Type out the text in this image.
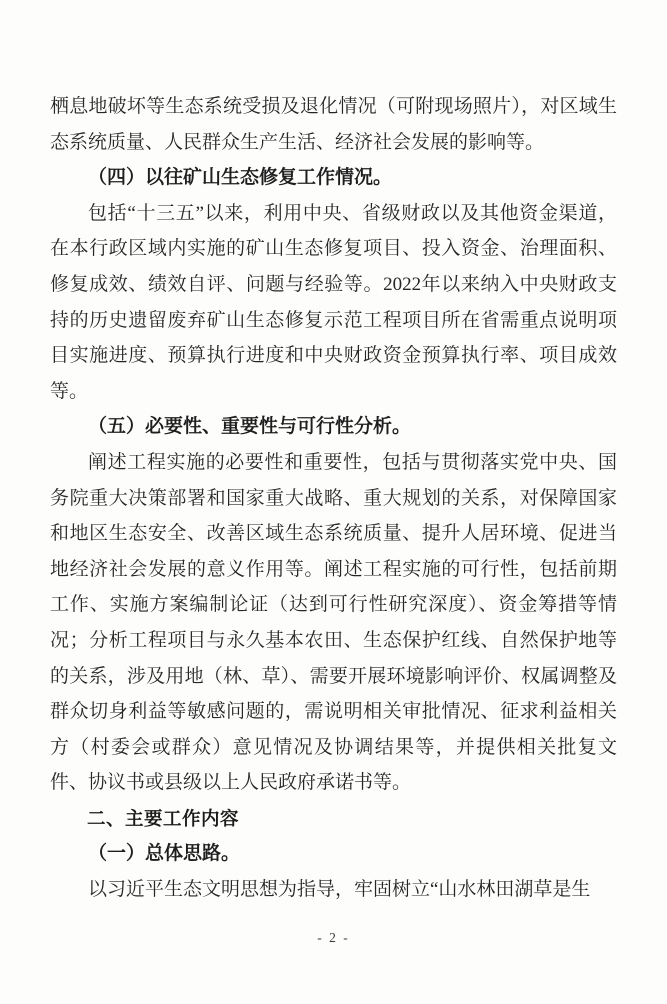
栖息地破坏等生态系统受损及退化情况（可附现场照片），对区域生态系统质量、人民群众生产生活、经济社会发展的影响等。

（四）以往矿山生态修复工作情况。

包括“十三五”以来，利用中央、省级财政以及其他资金渠道，在本行政区域内实施的矿山生态修复项目、投入资金、治理面积、修复成效、绩效自评、问题与经验等。2022年以来纳入中央财政支持的历史遗留废弃矿山生态修复示范工程项目所在省需重点说明项目实施进度、预算执行进度和中央财政资金预算执行率、项目成效等。

（五）必要性、重要性与可行性分析。

阐述工程实施的必要性和重要性，包括与贯彻落实党中央、国务院重大决策部署和国家重大战略、重大规划的关系，对保障国家和地区生态安全、改善区域生态系统质量、提升人居环境、促进当地经济社会发展的意义作用等。阐述工程实施的可行性，包括前期工作、实施方案编制论证（达到可行性研究深度）、资金筹措等情况；分析工程项目与永久基本农田、生态保护红线、自然保护地等的关系，涉及用地（林、草）、需要开展环境影响评价、权属调整及群众切身利益等敏感问题的，需说明相关审批情况、征求利益相关方（村委会或群众）意见情况及协调结果等，并提供相关批复文件、协议书或县级以上人民政府承诺书等。

二、主要工作内容

（一）总体思路。

以习近平生态文明思想为指导，牢固树立“山水林田湖草是生

- 2 -
